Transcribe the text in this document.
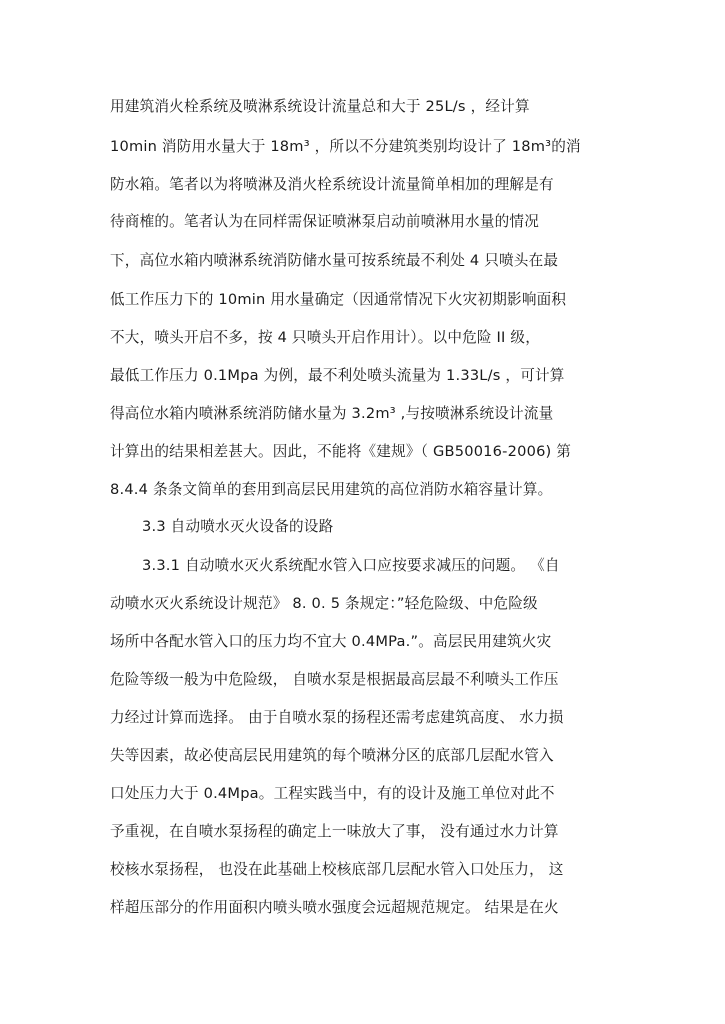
用建筑消火栓系统及喷淋系统设计流量总和大于 25L/s ，经计算
10min 消防用水量大于 18m³ ，所以不分建筑类别均设计了 18m³的消
防水箱。笔者以为将喷淋及消火栓系统设计流量简单相加的理解是有
待商榷的。笔者认为在同样需保证喷淋泵启动前喷淋用水量的情况
下，高位水箱内喷淋系统消防储水量可按系统最不利处 4 只喷头在最
低工作压力下的 10min 用水量确定（因通常情况下火灾初期影响面积
不大，喷头开启不多，按 4 只喷头开启作用计）。以中危险 II 级，
最低工作压力 0.1Mpa 为例，最不利处喷头流量为 1.33L/s ，可计算
得高位水箱内喷淋系统消防储水量为 3.2m³ ,与按喷淋系统设计流量
计算出的结果相差甚大。因此，不能将《建规》（ GB50016-2006) 第
8.4.4 条条文简单的套用到高层民用建筑的高位消防水箱容量计算。
3.3 自动喷水灭火设备的设路
3.3.1 自动喷水灭火系统配水管入口应按要求减压的问题。 《自
动喷水灭火系统设计规范》 8. 0. 5 条规定：”轻危险级、中危险级
场所中各配水管入口的压力均不宜大 0.4MPa.”。高层民用建筑火灾
危险等级一般为中危险级， 自喷水泵是根据最高层最不利喷头工作压
力经过计算而选择。 由于自喷水泵的扬程还需考虑建筑高度、 水力损
失等因素，故必使高层民用建筑的每个喷淋分区的底部几层配水管入
口处压力大于 0.4Mpa。工程实践当中，有的设计及施工单位对此不
予重视，在自喷水泵扬程的确定上一味放大了事， 没有通过水力计算
校核水泵扬程， 也没在此基础上校核底部几层配水管入口处压力， 这
样超压部分的作用面积内喷头喷水强度会远超规范规定。 结果是在火
